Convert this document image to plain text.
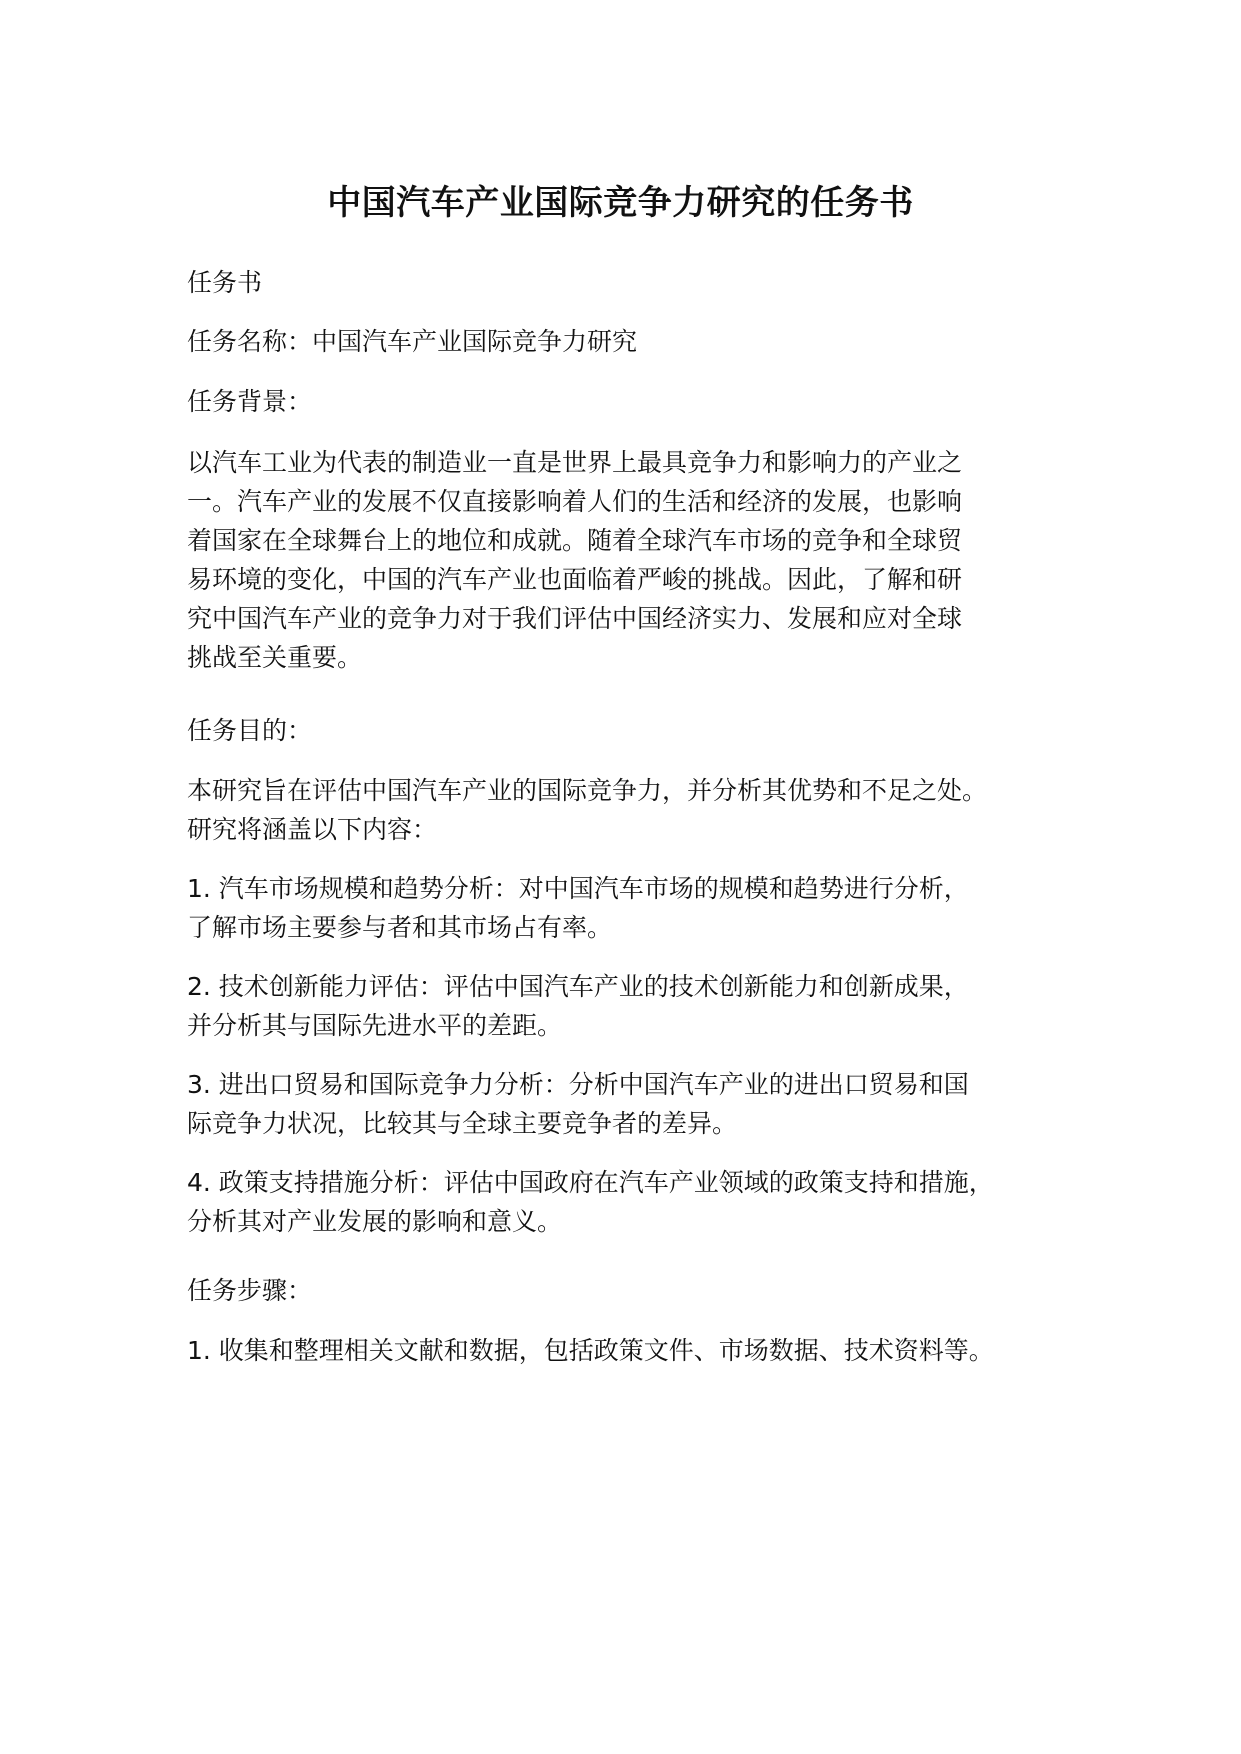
中国汽车产业国际竞争力研究的任务书

任务书

任务名称：中国汽车产业国际竞争力研究

任务背景：

以汽车工业为代表的制造业一直是世界上最具竞争力和影响力的产业之
一。汽车产业的发展不仅直接影响着人们的生活和经济的发展，也影响
着国家在全球舞台上的地位和成就。随着全球汽车市场的竞争和全球贸
易环境的变化，中国的汽车产业也面临着严峻的挑战。因此，了解和研
究中国汽车产业的竞争力对于我们评估中国经济实力、发展和应对全球
挑战至关重要。

任务目的：

本研究旨在评估中国汽车产业的国际竞争力，并分析其优势和不足之处。
研究将涵盖以下内容：

1. 汽车市场规模和趋势分析：对中国汽车市场的规模和趋势进行分析，
了解市场主要参与者和其市场占有率。

2. 技术创新能力评估：评估中国汽车产业的技术创新能力和创新成果，
并分析其与国际先进水平的差距。

3. 进出口贸易和国际竞争力分析：分析中国汽车产业的进出口贸易和国
际竞争力状况，比较其与全球主要竞争者的差异。

4. 政策支持措施分析：评估中国政府在汽车产业领域的政策支持和措施，
分析其对产业发展的影响和意义。

任务步骤：

1. 收集和整理相关文献和数据，包括政策文件、市场数据、技术资料等。
